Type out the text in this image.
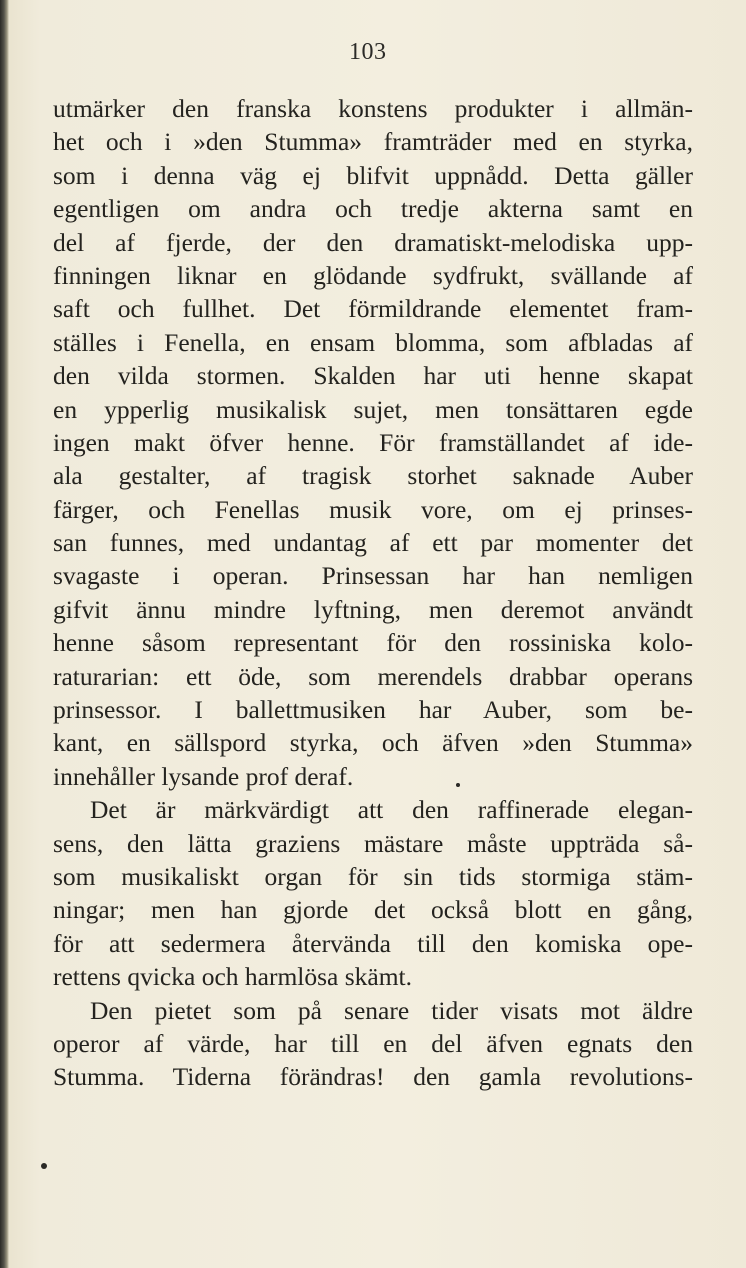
103
utmärker den franska konstens produkter i allmän-
het och i »den Stumma» framträder med en styrka,
som i denna väg ej blifvit uppnådd. Detta gäller
egentligen om andra och tredje akterna samt en
del af fjerde, der den dramatiskt-melodiska upp-
finningen liknar en glödande sydfrukt, svällande af
saft och fullhet. Det förmildrande elementet fram-
ställes i Fenella, en ensam blomma, som afbladas af
den vilda stormen. Skalden har uti henne skapat
en ypperlig musikalisk sujet, men tonsättaren egde
ingen makt öfver henne. För framställandet af ide-
ala gestalter, af tragisk storhet saknade Auber
färger, och Fenellas musik vore, om ej prinses-
san funnes, med undantag af ett par momenter det
svagaste i operan. Prinsessan har han nemligen
gifvit ännu mindre lyftning, men deremot användt
henne såsom representant för den rossiniska kolo-
raturarian: ett öde, som merendels drabbar operans
prinsessor. I ballettmusiken har Auber, som be-
kant, en sällspord styrka, och äfven »den Stumma»
innehåller lysande prof deraf.
Det är märkvärdigt att den raffinerade elegan-
sens, den lätta graziens mästare måste uppträda så-
som musikaliskt organ för sin tids stormiga stäm-
ningar; men han gjorde det också blott en gång,
för att sedermera återvända till den komiska ope-
rettens qvicka och harmlösa skämt.
Den pietet som på senare tider visats mot äldre
operor af värde, har till en del äfven egnats den
Stumma. Tiderna förändras! den gamla revolutions-
